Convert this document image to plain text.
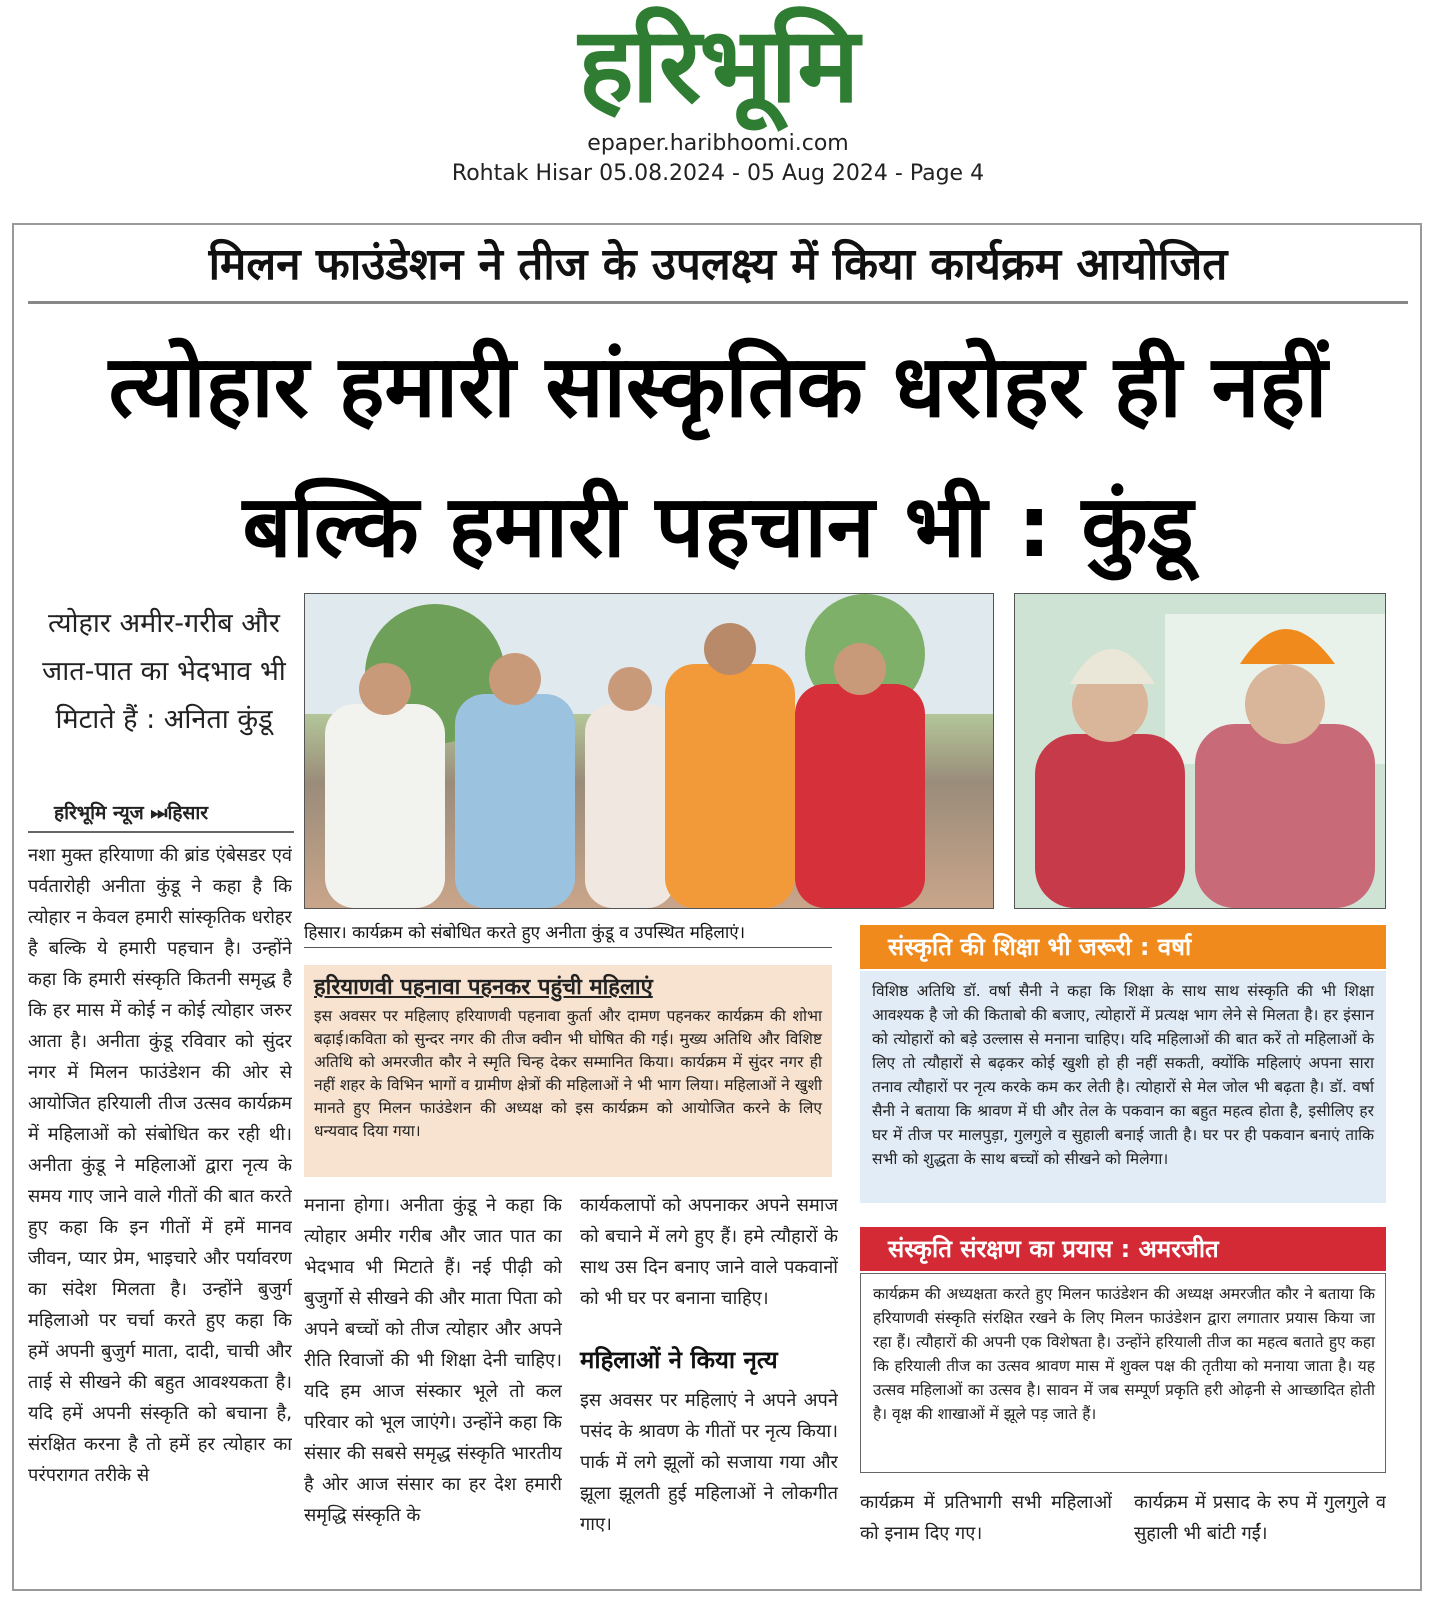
हरिभूमि
epaper.haribhoomi.com
Rohtak Hisar 05.08.2024 - 05 Aug 2024 - Page 4
मिलन फाउंडेशन ने तीज के उपलक्ष्य में किया कार्यक्रम आयोजित
त्योहार हमारी सांस्कृतिक धरोहर ही नहीं बल्कि हमारी पहचान भी : कुंडू
त्योहार अमीर-गरीब और जात-पात का भेदभाव भी मिटाते हैं : अनिता कुंडू
हरिभूमि न्यूज ⏭हिसार
नशा मुक्त हरियाणा की ब्रांड एंबेसडर एवं पर्वतारोही अनीता कुंडू ने कहा है कि त्योहार न केवल हमारी सांस्कृतिक धरोहर है बल्कि ये हमारी पहचान है। उन्होंने कहा कि हमारी संस्कृति कितनी समृद्ध है कि हर मास में कोई न कोई त्योहार जरुर आता है। अनीता कुंडू रविवार को सुंदर नगर में मिलन फाउंडेशन की ओर से आयोजित हरियाली तीज उत्सव कार्यक्रम में महिलाओं को संबोधित कर रही थी। अनीता कुंडू ने महिलाओं द्वारा नृत्य के समय गाए जाने वाले गीतों की बात करते हुए कहा कि इन गीतों में हमें मानव जीवन, प्यार प्रेम, भाइचारे और पर्यावरण का संदेश मिलता है। उन्होंने बुजुर्ग महिलाओ पर चर्चा करते हुए कहा कि हमें अपनी बुजुर्ग माता, दादी, चाची और ताई से सीखने की बहुत आवश्यकता है। यदि हमें अपनी संस्कृति को बचाना है, संरक्षित करना है तो हमें हर त्योहार का परंपरागत तरीके से
हिसार। कार्यक्रम को संबोधित करते हुए अनीता कुंडू व उपस्थित महिलाएं।
हरियाणवी पहनावा पहनकर पहुंची महिलाएं
इस अवसर पर महिलाए हरियाणवी पहनावा कुर्ता और दामण पहनकर कार्यक्रम की शोभा बढ़ाई।कविता को सुन्दर नगर की तीज क्वीन भी घोषित की गई। मुख्य अतिथि और विशिष्ट अतिथि को अमरजीत कौर ने स्मृति चिन्ह देकर सम्मानित किया। कार्यक्रम में सुंदर नगर ही नहीं शहर के विभिन भागों व ग्रामीण क्षेत्रों की महिलाओं ने भी भाग लिया। महिलाओं ने खुशी मानते हुए मिलन फाउंडेशन की अध्यक्ष को इस कार्यक्रम को आयोजित करने के लिए धन्यवाद दिया गया।
मनाना होगा। अनीता कुंडू ने कहा कि त्योहार अमीर गरीब और जात पात का भेदभाव भी मिटाते हैं। नई पीढ़ी को बुजुर्गो से सीखने की और माता पिता को अपने बच्चों को तीज त्योहार और अपने रीति रिवाजों की भी शिक्षा देनी चाहिए। यदि हम आज संस्कार भूले तो कल परिवार को भूल जाएंगे। उन्होंने कहा कि संसार की सबसे समृद्ध संस्कृति भारतीय है ओर आज संसार का हर देश हमारी समृद्धि संस्कृति के
कार्यकलापों को अपनाकर अपने समाज को बचाने में लगे हुए हैं। हमे त्यौहारों के साथ उस दिन बनाए जाने वाले पकवानों को भी घर पर बनाना चाहिए।
महिलाओं ने किया नृत्य
इस अवसर पर महिलाएं ने अपने अपने पसंद के श्रावण के गीतों पर नृत्य किया। पार्क में लगे झूलों को सजाया गया और झूला झूलती हुई महिलाओं ने लोकगीत गाए।
संस्कृति की शिक्षा भी जरूरी : वर्षा
विशिष्ठ अतिथि डॉ. वर्षा सैनी ने कहा कि शिक्षा के साथ साथ संस्कृति की भी शिक्षा आवश्यक है जो की किताबो की बजाए, त्योहारों में प्रत्यक्ष भाग लेने से मिलता है। हर इंसान को त्योहारों को बड़े उल्लास से मनाना चाहिए। यदि महिलाओं की बात करें तो महिलाओं के लिए तो त्यौहारों से बढ़कर कोई खुशी हो ही नहीं सकती, क्योंकि महिलाएं अपना सारा तनाव त्यौहारों पर नृत्य करके कम कर लेती है। त्योहारों से मेल जोल भी बढ़ता है। डॉ. वर्षा सैनी ने बताया कि श्रावण में घी और तेल के पकवान का बहुत महत्व होता है, इसीलिए हर घर में तीज पर मालपुड़ा, गुलगुले व सुहाली बनाई जाती है। घर पर ही पकवान बनाएं ताकि सभी को शुद्धता के साथ बच्चों को सीखने को मिलेगा।
संस्कृति संरक्षण का प्रयास : अमरजीत
कार्यक्रम की अध्यक्षता करते हुए मिलन फाउंडेशन की अध्यक्ष अमरजीत कौर ने बताया कि हरियाणवी संस्कृति संरक्षित रखने के लिए मिलन फाउंडेशन द्वारा लगातार प्रयास किया जा रहा हैं। त्यौहारों की अपनी एक विशेषता है। उन्होंने हरियाली तीज का महत्व बताते हुए कहा कि हरियाली तीज का उत्सव श्रावण मास में शुक्ल पक्ष की तृतीया को मनाया जाता है। यह उत्सव महिलाओं का उत्सव है। सावन में जब सम्पूर्ण प्रकृति हरी ओढ़नी से आच्छादित होती है। वृक्ष की शाखाओं में झूले पड़ जाते हैं।
कार्यक्रम में प्रतिभागी सभी महिलाओं को इनाम दिए गए।
कार्यक्रम में प्रसाद के रुप में गुलगुले व सुहाली भी बांटी गईं।
